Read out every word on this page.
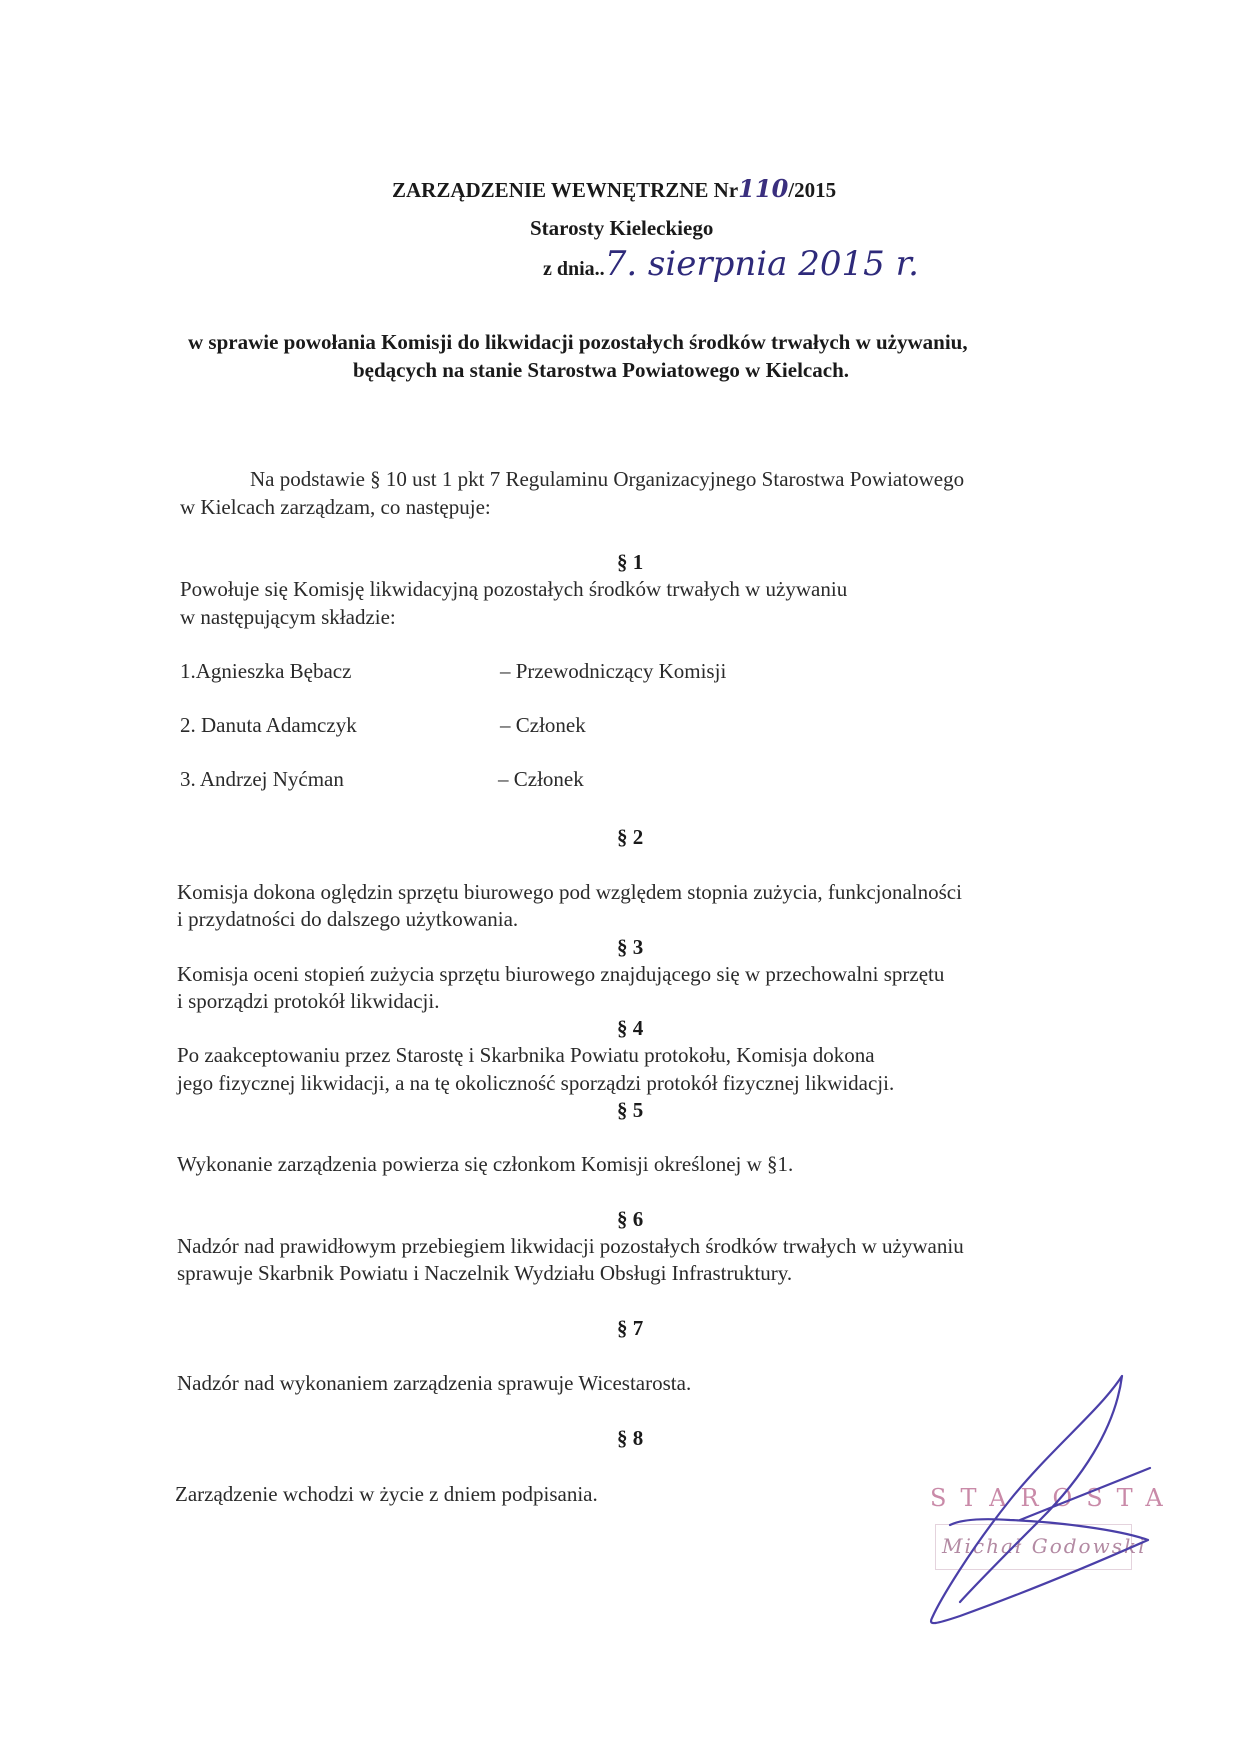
ZARZĄDZENIE WEWNĘTRZNE Nr110/2015
Starosty Kieleckiego
z dnia..7. sierpnia 2015 r.
w sprawie powołania Komisji do likwidacji pozostałych środków trwałych w używaniu,
będących na stanie Starostwa Powiatowego w Kielcach.
Na podstawie § 10 ust 1 pkt 7 Regulaminu Organizacyjnego Starostwa Powiatowego
w Kielcach zarządzam, co następuje:
§ 1
Powołuje się Komisję likwidacyjną pozostałych środków trwałych w używaniu
w następującym składzie:
1.Agnieszka Bębacz	– Przewodniczący Komisji
2. Danuta Adamczyk	– Członek
3. Andrzej Nyćman	– Członek
§ 2
Komisja dokona oględzin sprzętu biurowego pod względem stopnia zużycia, funkcjonalności
i przydatności do dalszego użytkowania.
§ 3
Komisja oceni stopień zużycia sprzętu biurowego znajdującego się w przechowalni sprzętu
i sporządzi protokół likwidacji.
§ 4
Po zaakceptowaniu przez Starostę i Skarbnika Powiatu protokołu, Komisja dokona
jego fizycznej likwidacji, a na tę okoliczność sporządzi protokół fizycznej likwidacji.
§ 5
Wykonanie zarządzenia powierza się członkom Komisji określonej w §1.
§ 6
Nadzór nad prawidłowym przebiegiem likwidacji pozostałych środków trwałych w używaniu
sprawuje Skarbnik Powiatu i Naczelnik Wydziału Obsługi Infrastruktury.
§ 7
Nadzór nad wykonaniem zarządzenia sprawuje Wicestarosta.
§ 8
Zarządzenie wchodzi w życie z dniem podpisania.	STAROSTA
Michał Godowski
